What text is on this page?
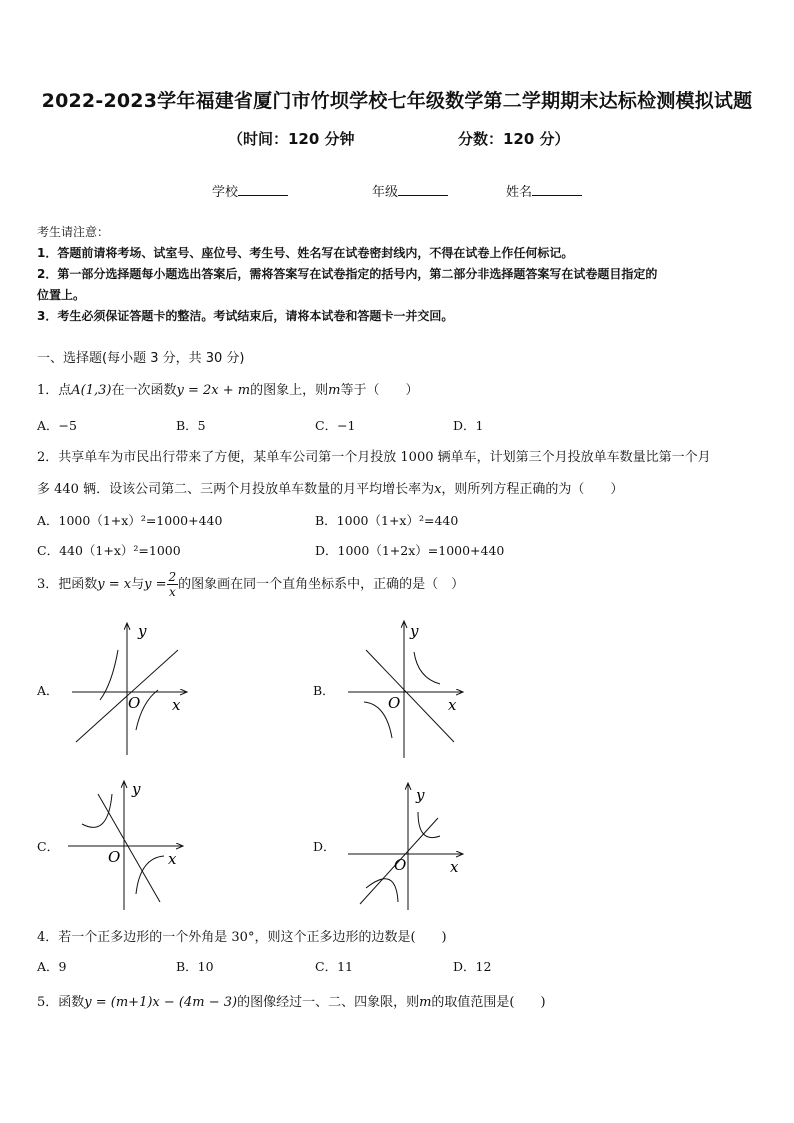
2022-2023学年福建省厦门市竹坝学校七年级数学第二学期期末达标检测模拟试题
（时间：120 分钟	分数：120 分）
学校	年级	姓名
考生请注意：
1．答题前请将考场、试室号、座位号、考生号、姓名写在试卷密封线内，不得在试卷上作任何标记。
2．第一部分选择题每小题选出答案后，需将答案写在试卷指定的括号内，第二部分非选择题答案写在试卷题目指定的
位置上。
3．考生必须保证答题卡的整洁。考试结束后，请将本试卷和答题卡一并交回。
一、选择题(每小题 3 分，共 30 分)
1．点A(1,3)在一次函数y = 2x + m的图象上，则m等于（　　）
A．−5	B．5	C．−1	D．1
2．共享单车为市民出行带来了方便，某单车公司第一个月投放 1000 辆单车，计划第三个月投放单车数量比第一个月
多 440 辆．设该公司第二、三两个月投放单车数量的月平均增长率为x，则所列方程正确的为（　　）
A．1000（1+x）²=1000+440	B．1000（1+x）²=440
C．440（1+x）²=1000	D．1000（1+2x）=1000+440
3．把函数y = x与$y = \frac{2}{x}$ 的图象画在同一个直角坐标系中，正确的是（　）
A．	B．
C．	D．
y
x
O
y
x
O
y
x
O
y
x
O
4．若一个正多边形的一个外角是 30°，则这个正多边形的边数是(　　)
A．9	B．10	C．11	D．12
5．函数y = (m+1)x − (4m − 3)的图像经过一、二、四象限，则m的取值范围是(　　)
